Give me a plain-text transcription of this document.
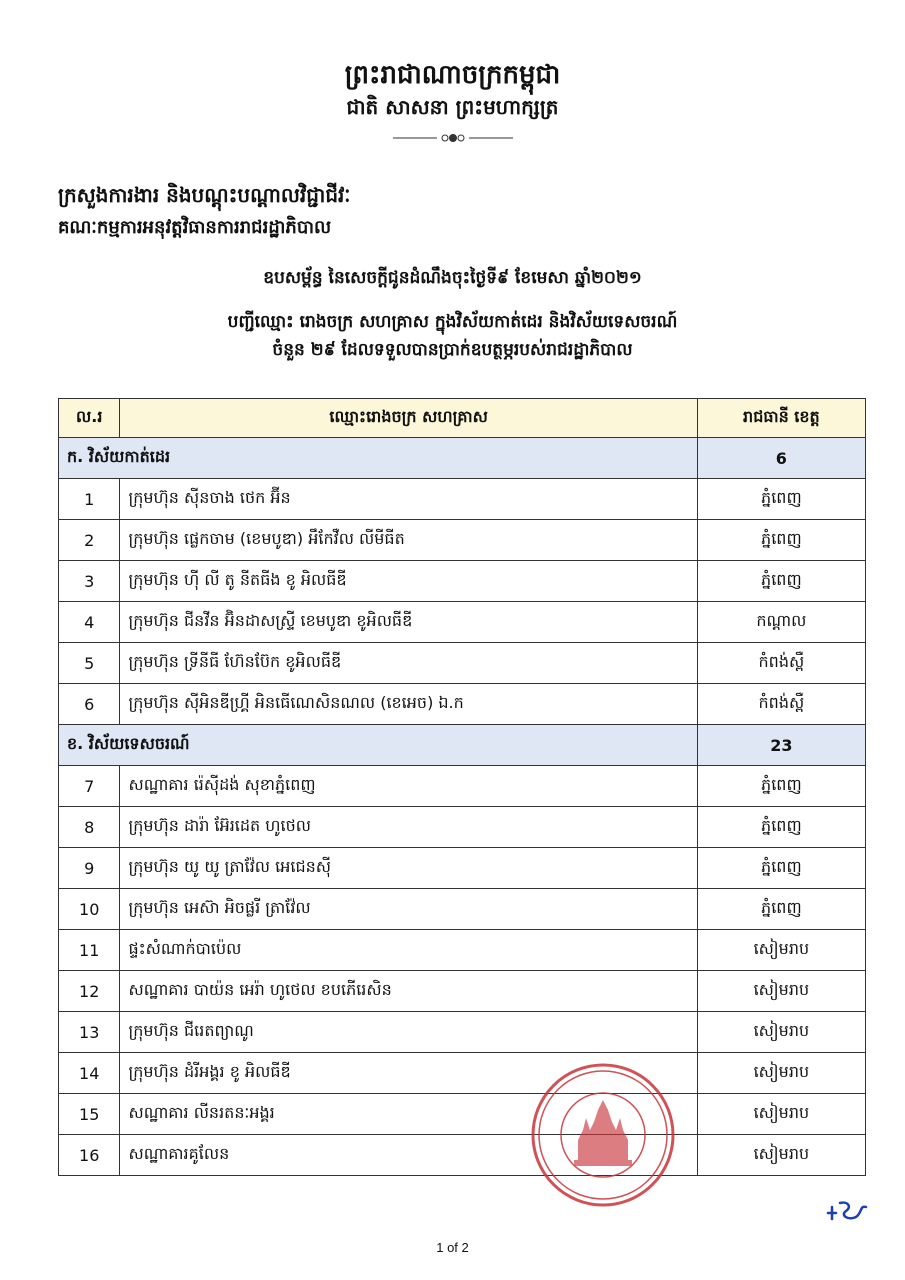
ព្រះរាជាណាចក្រកម្ពុជា
ជាតិ សាសនា ព្រះមហាក្សត្រ
ក្រសួងការងារ និងបណ្តុះបណ្តាលវិជ្ជាជីវៈ
គណៈកម្មការអនុវត្តវិធានការរាជរដ្ឋាភិបាល
ឧបសម្ព័ន្ធ នៃសេចក្តីជូនដំណឹងចុះថ្ងៃទី៩ ខែមេសា ឆ្នាំ២០២១
បញ្ជីឈ្មោះ រោងចក្រ សហគ្រាស ក្នុងវិស័យកាត់ដេរ និងវិស័យទេសចរណ៍
ចំនួន ២៩ ដែលទទួលបានប្រាក់ឧបត្ថម្ភរបស់រាជរដ្ឋាភិបាល
ល.រ	ឈ្មោះរោងចក្រ សហគ្រាស	រាជធានី ខេត្ត
ក. វិស័យកាត់ដេរ		6
1	ក្រុមហ៊ុន ស៊ីនចាង ថេក អ៊ីន	ភ្នំពេញ
2	ក្រុមហ៊ុន ផ្លេកចាម (ខេមបូឌា) អឹកែវឺល លីមីធីត	ភ្នំពេញ
3	ក្រុមហ៊ុន ហ៊ី លី តូ នីតធីង ខូ អិលធីឌី	ភ្នំពេញ
4	ក្រុមហ៊ុន ជីនវីន អ៊ិនដាសស្ទ្រី ខេមបូឌា ខូអិលធីឌី	កណ្តាល
5	ក្រុមហ៊ុន ទ្រីនីធី ហ៊ែនប៊ែក ខូអិលធីឌី	កំពង់ស្ពឺ
6	ក្រុមហ៊ុន ស៊ីអិនឌីហ្គ្រី អិនធើណេសិនណល (ខេអេច) ឯ.ក	កំពង់ស្ពឺ
ខ. វិស័យទេសចរណ៍		23
7	សណ្ឋាគារ រ៉េស៊ីដង់ សុខាភ្នំពេញ	ភ្នំពេញ
8	ក្រុមហ៊ុន ដារ៉ា អ៊ែរដេត ហូថេល	ភ្នំពេញ
9	ក្រុមហ៊ុន យូ យូ ត្រាវ៉ែល អេជេនស៊ី	ភ្នំពេញ
10	ក្រុមហ៊ុន អេស៊ា អិចផ្លរី ត្រាវ៉ែល	ភ្នំពេញ
11	ផ្ទះសំណាក់បាប៉េល	សៀមរាប
12	សណ្ឋាគារ បាយ៉ន អេរ៉ា ហូថេល ខបភើរេសិន	សៀមរាប
13	ក្រុមហ៊ុន ជីរេតព្យាណូ	សៀមរាប
14	ក្រុមហ៊ុន ដំរីអង្គរ ខូ អិលធីឌី	សៀមរាប
15	សណ្ឋាគារ លីនរតនៈអង្គរ	សៀមរាប
16	សណ្ឋាគារគូលែន	សៀមរាប
1 of 2
